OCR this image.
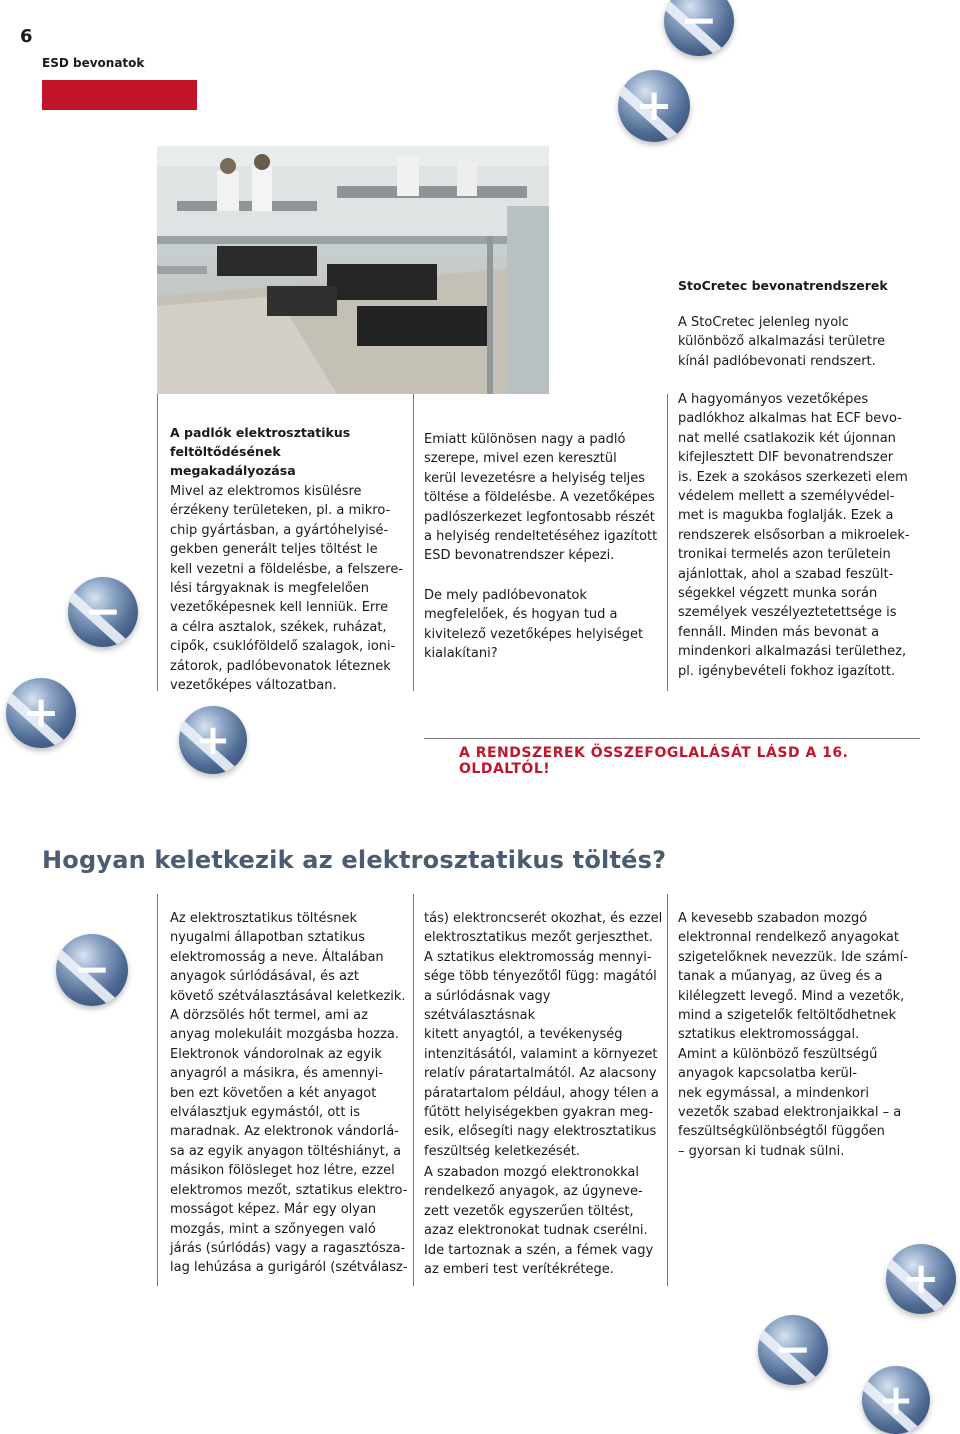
6
ESD bevonatok
A padlók elektrosztatikus
feltöltődésének megakadályozása
Mivel az elektromos kisülésre
érzékeny területeken, pl. a mikro-
chip gyártásban, a gyártóhelyisé-
gekben generált teljes töltést le
kell vezetni a földelésbe, a felszere-
lési tárgyaknak is megfelelően
vezetőképesnek kell lenniük. Erre
a célra asztalok, székek, ruházat,
cipők, csuklóföldelő szalagok, ioni-
zátorok, padlóbevonatok léteznek
vezetőképes változatban.
Emiatt különösen nagy a padló
szerepe, mivel ezen keresztül
kerül levezetésre a helyiség teljes
töltése a földelésbe. A vezetőképes
padlószerkezet legfontosabb részét
a helyiség rendeltetéséhez igazított
ESD bevonatrendszer képezi.
De mely padlóbevonatok
megfelelőek, és hogyan tud a
kivitelező vezetőképes helyiséget
kialakítani?
StoCretec bevonatrendszerek
A StoCretec jelenleg nyolc
különböző alkalmazási területre
kínál padlóbevonati rendszert.
A hagyományos vezetőképes
padlókhoz alkalmas hat ECF bevo-
nat mellé csatlakozik két újonnan
kifejlesztett DIF bevonatrendszer
is. Ezek a szokásos szerkezeti elem
védelem mellett a személyvédel-
met is magukba foglalják. Ezek a
rendszerek elsősorban a mikroelek-
tronikai termelés azon területein
ajánlottak, ahol a szabad feszült-
ségekkel végzett munka során
személyek veszélyeztetettsége is
fennáll. Minden más bevonat a
mindenkori alkalmazási területhez,
pl. igénybevételi fokhoz igazított.
A RENDSZEREK ÖSSZEFOGLALÁSÁT LÁSD A 16. OLDALTÓL!
Hogyan keletkezik az elektrosztatikus töltés?
Az elektrosztatikus töltésnek
nyugalmi állapotban sztatikus
elektromosság a neve. Általában
anyagok súrlódásával, és azt
követő szétválasztásával keletkezik.
A dörzsölés hőt termel, ami az
anyag molekuláit mozgásba hozza.
Elektronok vándorolnak az egyik
anyagról a másikra, és amennyi-
ben ezt követően a két anyagot
elválasztjuk egymástól, ott is
maradnak. Az elektronok vándorlá-
sa az egyik anyagon töltéshiányt, a
másikon fölösleget hoz létre, ezzel
elektromos mezőt, sztatikus elektro-
mosságot képez. Már egy olyan
mozgás, mint a szőnyegen való
járás (súrlódás) vagy a ragasztósza-
lag lehúzása a gurigáról (szétválasz-
tás) elektroncserét okozhat, és ezzel
elektrosztatikus mezőt gerjeszthet.
A sztatikus elektromosság mennyi-
sége több tényezőtől függ: magától
a súrlódásnak vagy szétválasztásnak
kitett anyagtól, a tevékenység
intenzitásától, valamint a környezet
relatív páratartalmától. Az alacsony
páratartalom például, ahogy télen a
fűtött helyiségekben gyakran meg-
esik, elősegíti nagy elektrosztatikus
feszültség keletkezését.
A szabadon mozgó elektronokkal
rendelkező anyagok, az úgyneve-
zett vezetők egyszerűen töltést,
azaz elektronokat tudnak cserélni.
Ide tartoznak a szén, a fémek vagy
az emberi test verítékrétege.
A kevesebb szabadon mozgó
elektronnal rendelkező anyagokat
szigetelőknek nevezzük. Ide számí-
tanak a műanyag, az üveg és a
kilélegzett levegő. Mind a vezetők,
mind a szigetelők feltöltődhetnek
sztatikus elektromossággal.
Amint a különböző feszültségű
anyagok kapcsolatba kerül-
nek egymással, a mindenkori
vezetők szabad elektronjaikkal – a
feszültségkülönbségtől függően
– gyorsan ki tudnak sülni.
−
+
−
+
+
−
+
−
+
